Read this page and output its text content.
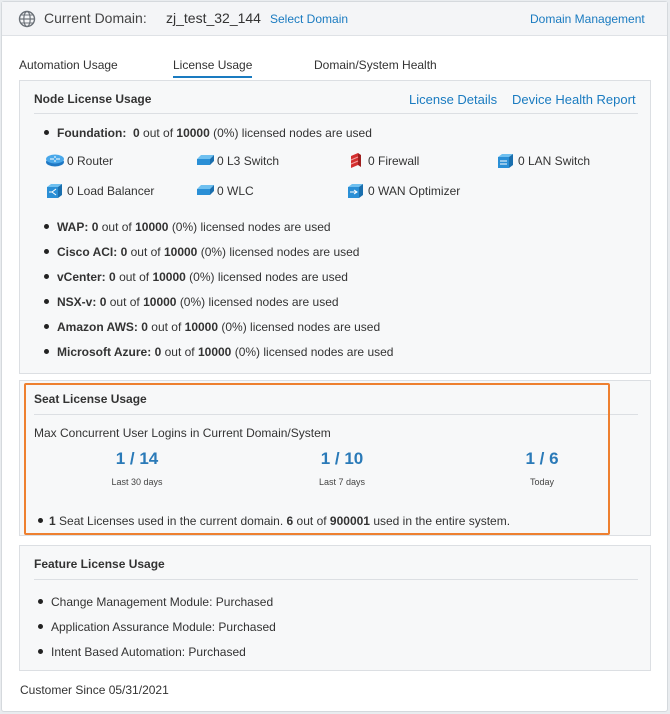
Current Domain: zj_test_32_144 Select Domain	Domain Management
Automation Usage	License Usage	Domain/System Health
Node License Usage	License Details Device Health Report
Foundation: 0 out of 10000 (0%) licensed nodes are used
0 Router	0 L3 Switch	0 Firewall	0 LAN Switch
0 Load Balancer	0 WLC	0 WAN Optimizer
WAP: 0 out of 10000 (0%) licensed nodes are used
Cisco ACI: 0 out of 10000 (0%) licensed nodes are used
vCenter: 0 out of 10000 (0%) licensed nodes are used
NSX-v: 0 out of 10000 (0%) licensed nodes are used
Amazon AWS: 0 out of 10000 (0%) licensed nodes are used
Microsoft Azure: 0 out of 10000 (0%) licensed nodes are used
Seat License Usage
Max Concurrent User Logins in Current Domain/System
1 / 14
Last 30 days
1 / 10
Last 7 days
1 / 6
Today
1 Seat Licenses used in the current domain. 6 out of 900001 used in the entire system.
Feature License Usage
Change Management Module: Purchased
Application Assurance Module: Purchased
Intent Based Automation: Purchased
Customer Since 05/31/2021
